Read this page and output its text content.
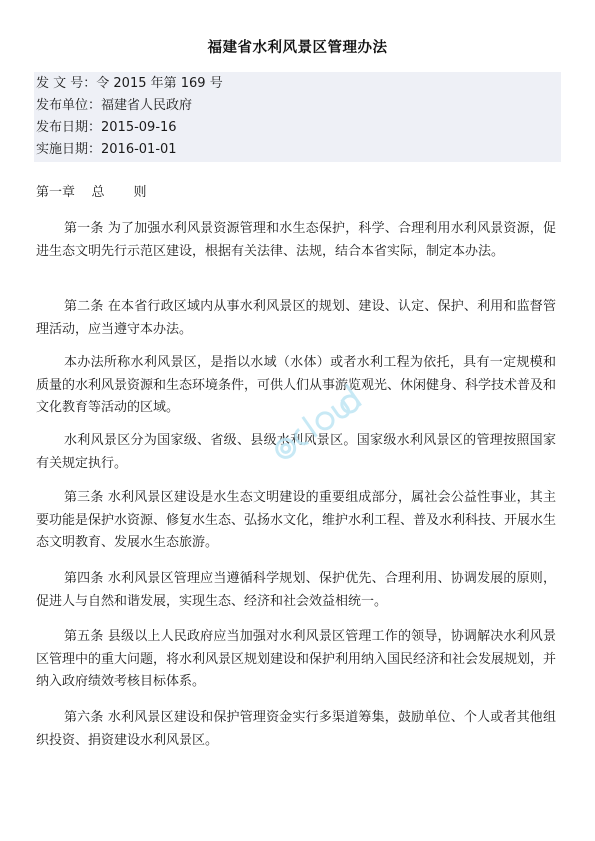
福建省水利风景区管理办法
发 文 号：令 2015 年第 169 号
发布单位：福建省人民政府
发布日期：2015-09-16
实施日期：2016-01-01
第一章    总       则
第一条 为了加强水利风景资源管理和水生态保护，科学、合理利用水利风景资源，促进生态文明先行示范区建设，根据有关法律、法规，结合本省实际，制定本办法。
第二条 在本省行政区域内从事水利风景区的规划、建设、认定、保护、利用和监督管理活动，应当遵守本办法。
本办法所称水利风景区，是指以水域（水体）或者水利工程为依托，具有一定规模和质量的水利风景资源和生态环境条件，可供人们从事游览观光、休闲健身、科学技术普及和文化教育等活动的区域。
水利风景区分为国家级、省级、县级水利风景区。国家级水利风景区的管理按照国家有关规定执行。
第三条 水利风景区建设是水生态文明建设的重要组成部分，属社会公益性事业，其主要功能是保护水资源、修复水生态、弘扬水文化，维护水利工程、普及水利科技、开展水生态文明教育、发展水生态旅游。
第四条 水利风景区管理应当遵循科学规划、保护优先、合理利用、协调发展的原则，促进人与自然和谐发展，实现生态、经济和社会效益相统一。
第五条 县级以上人民政府应当加强对水利风景区管理工作的领导，协调解决水利风景区管理中的重大问题，将水利风景区规划建设和保护利用纳入国民经济和社会发展规划，并纳入政府绩效考核目标体系。
第六条 水利风景区建设和保护管理资金实行多渠道筹集，鼓励单位、个人或者其他组织投资、捐资建设水利风景区。
